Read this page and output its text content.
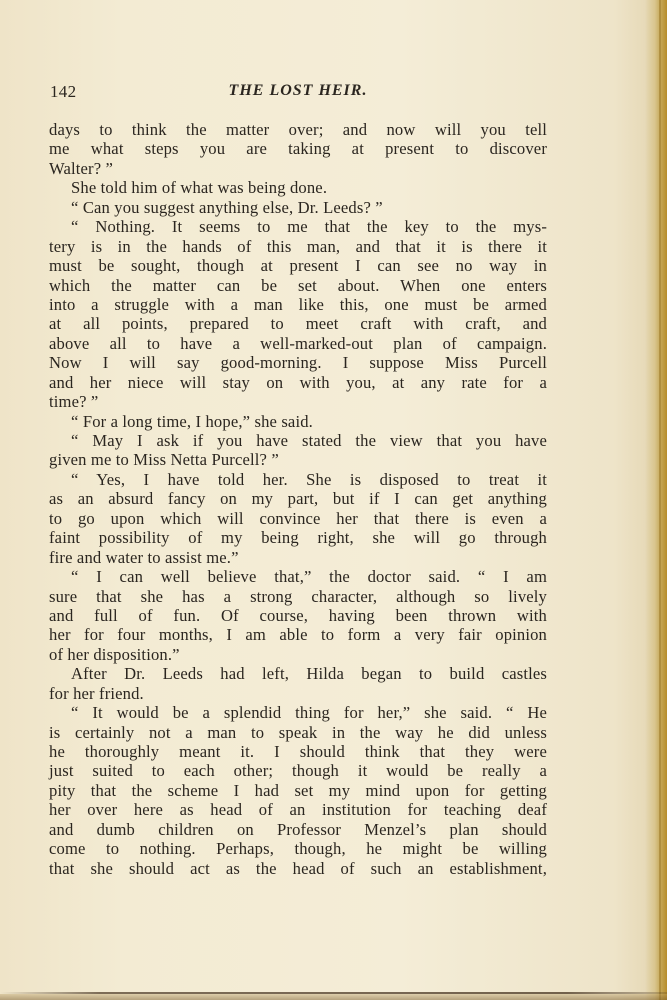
142	THE LOST HEIR.
days to think the matter over; and now will you tell
me what steps you are taking at present to discover
Walter? ”
She told him of what was being done.
“ Can you suggest anything else, Dr. Leeds? ”
“ Nothing. It seems to me that the key to the mys-
tery is in the hands of this man, and that it is there it
must be sought, though at present I can see no way in
which the matter can be set about. When one enters
into a struggle with a man like this, one must be armed
at all points, prepared to meet craft with craft, and
above all to have a well-marked-out plan of campaign.
Now I will say good-morning. I suppose Miss Purcell
and her niece will stay on with you, at any rate for a
time? ”
“ For a long time, I hope,” she said.
“ May I ask if you have stated the view that you have
given me to Miss Netta Purcell? ”
“ Yes, I have told her. She is disposed to treat it
as an absurd fancy on my part, but if I can get anything
to go upon which will convince her that there is even a
faint possibility of my being right, she will go through
fire and water to assist me.”
“ I can well believe that,” the doctor said. “ I am
sure that she has a strong character, although so lively
and full of fun. Of course, having been thrown with
her for four months, I am able to form a very fair opinion
of her disposition.”
After Dr. Leeds had left, Hilda began to build castles
for her friend.
“ It would be a splendid thing for her,” she said. “ He
is certainly not a man to speak in the way he did unless
he thoroughly meant it. I should think that they were
just suited to each other; though it would be really a
pity that the scheme I had set my mind upon for getting
her over here as head of an institution for teaching deaf
and dumb children on Professor Menzel’s plan should
come to nothing. Perhaps, though, he might be willing
that she should act as the head of such an establishment,
